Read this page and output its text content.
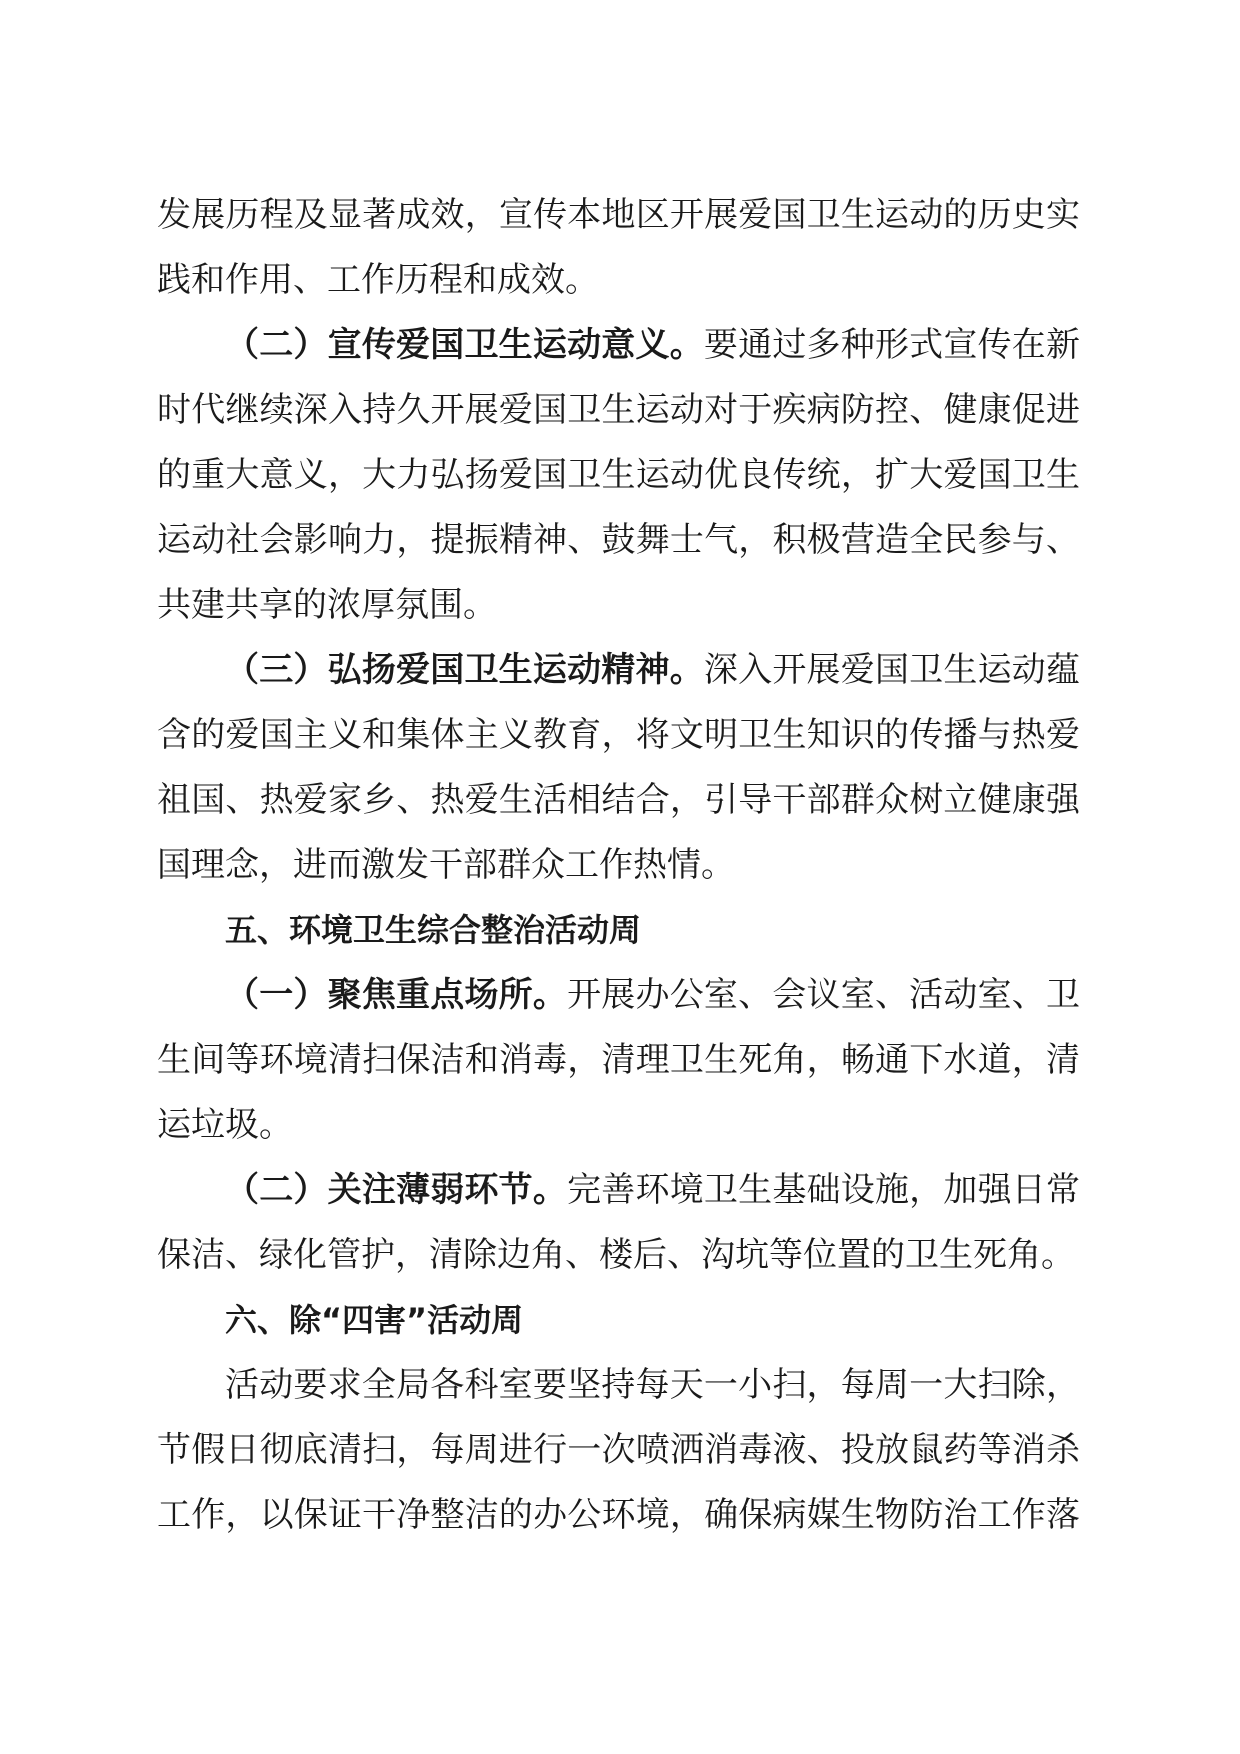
发展历程及显著成效，宣传本地区开展爱国卫生运动的历史实
践和作用、工作历程和成效。
（二）宣传爱国卫生运动意义。要通过多种形式宣传在新
时代继续深入持久开展爱国卫生运动对于疾病防控、健康促进
的重大意义，大力弘扬爱国卫生运动优良传统，扩大爱国卫生
运动社会影响力，提振精神、鼓舞士气，积极营造全民参与、
共建共享的浓厚氛围。
（三）弘扬爱国卫生运动精神。深入开展爱国卫生运动蕴
含的爱国主义和集体主义教育，将文明卫生知识的传播与热爱
祖国、热爱家乡、热爱生活相结合，引导干部群众树立健康强
国理念，进而激发干部群众工作热情。
五、环境卫生综合整治活动周
（一）聚焦重点场所。开展办公室、会议室、活动室、卫
生间等环境清扫保洁和消毒，清理卫生死角，畅通下水道，清
运垃圾。
（二）关注薄弱环节。完善环境卫生基础设施，加强日常
保洁、绿化管护，清除边角、楼后、沟坑等位置的卫生死角。
六、除“四害”活动周
活动要求全局各科室要坚持每天一小扫，每周一大扫除，
节假日彻底清扫，每周进行一次喷洒消毒液、投放鼠药等消杀
工作，以保证干净整洁的办公环境，确保病媒生物防治工作落
